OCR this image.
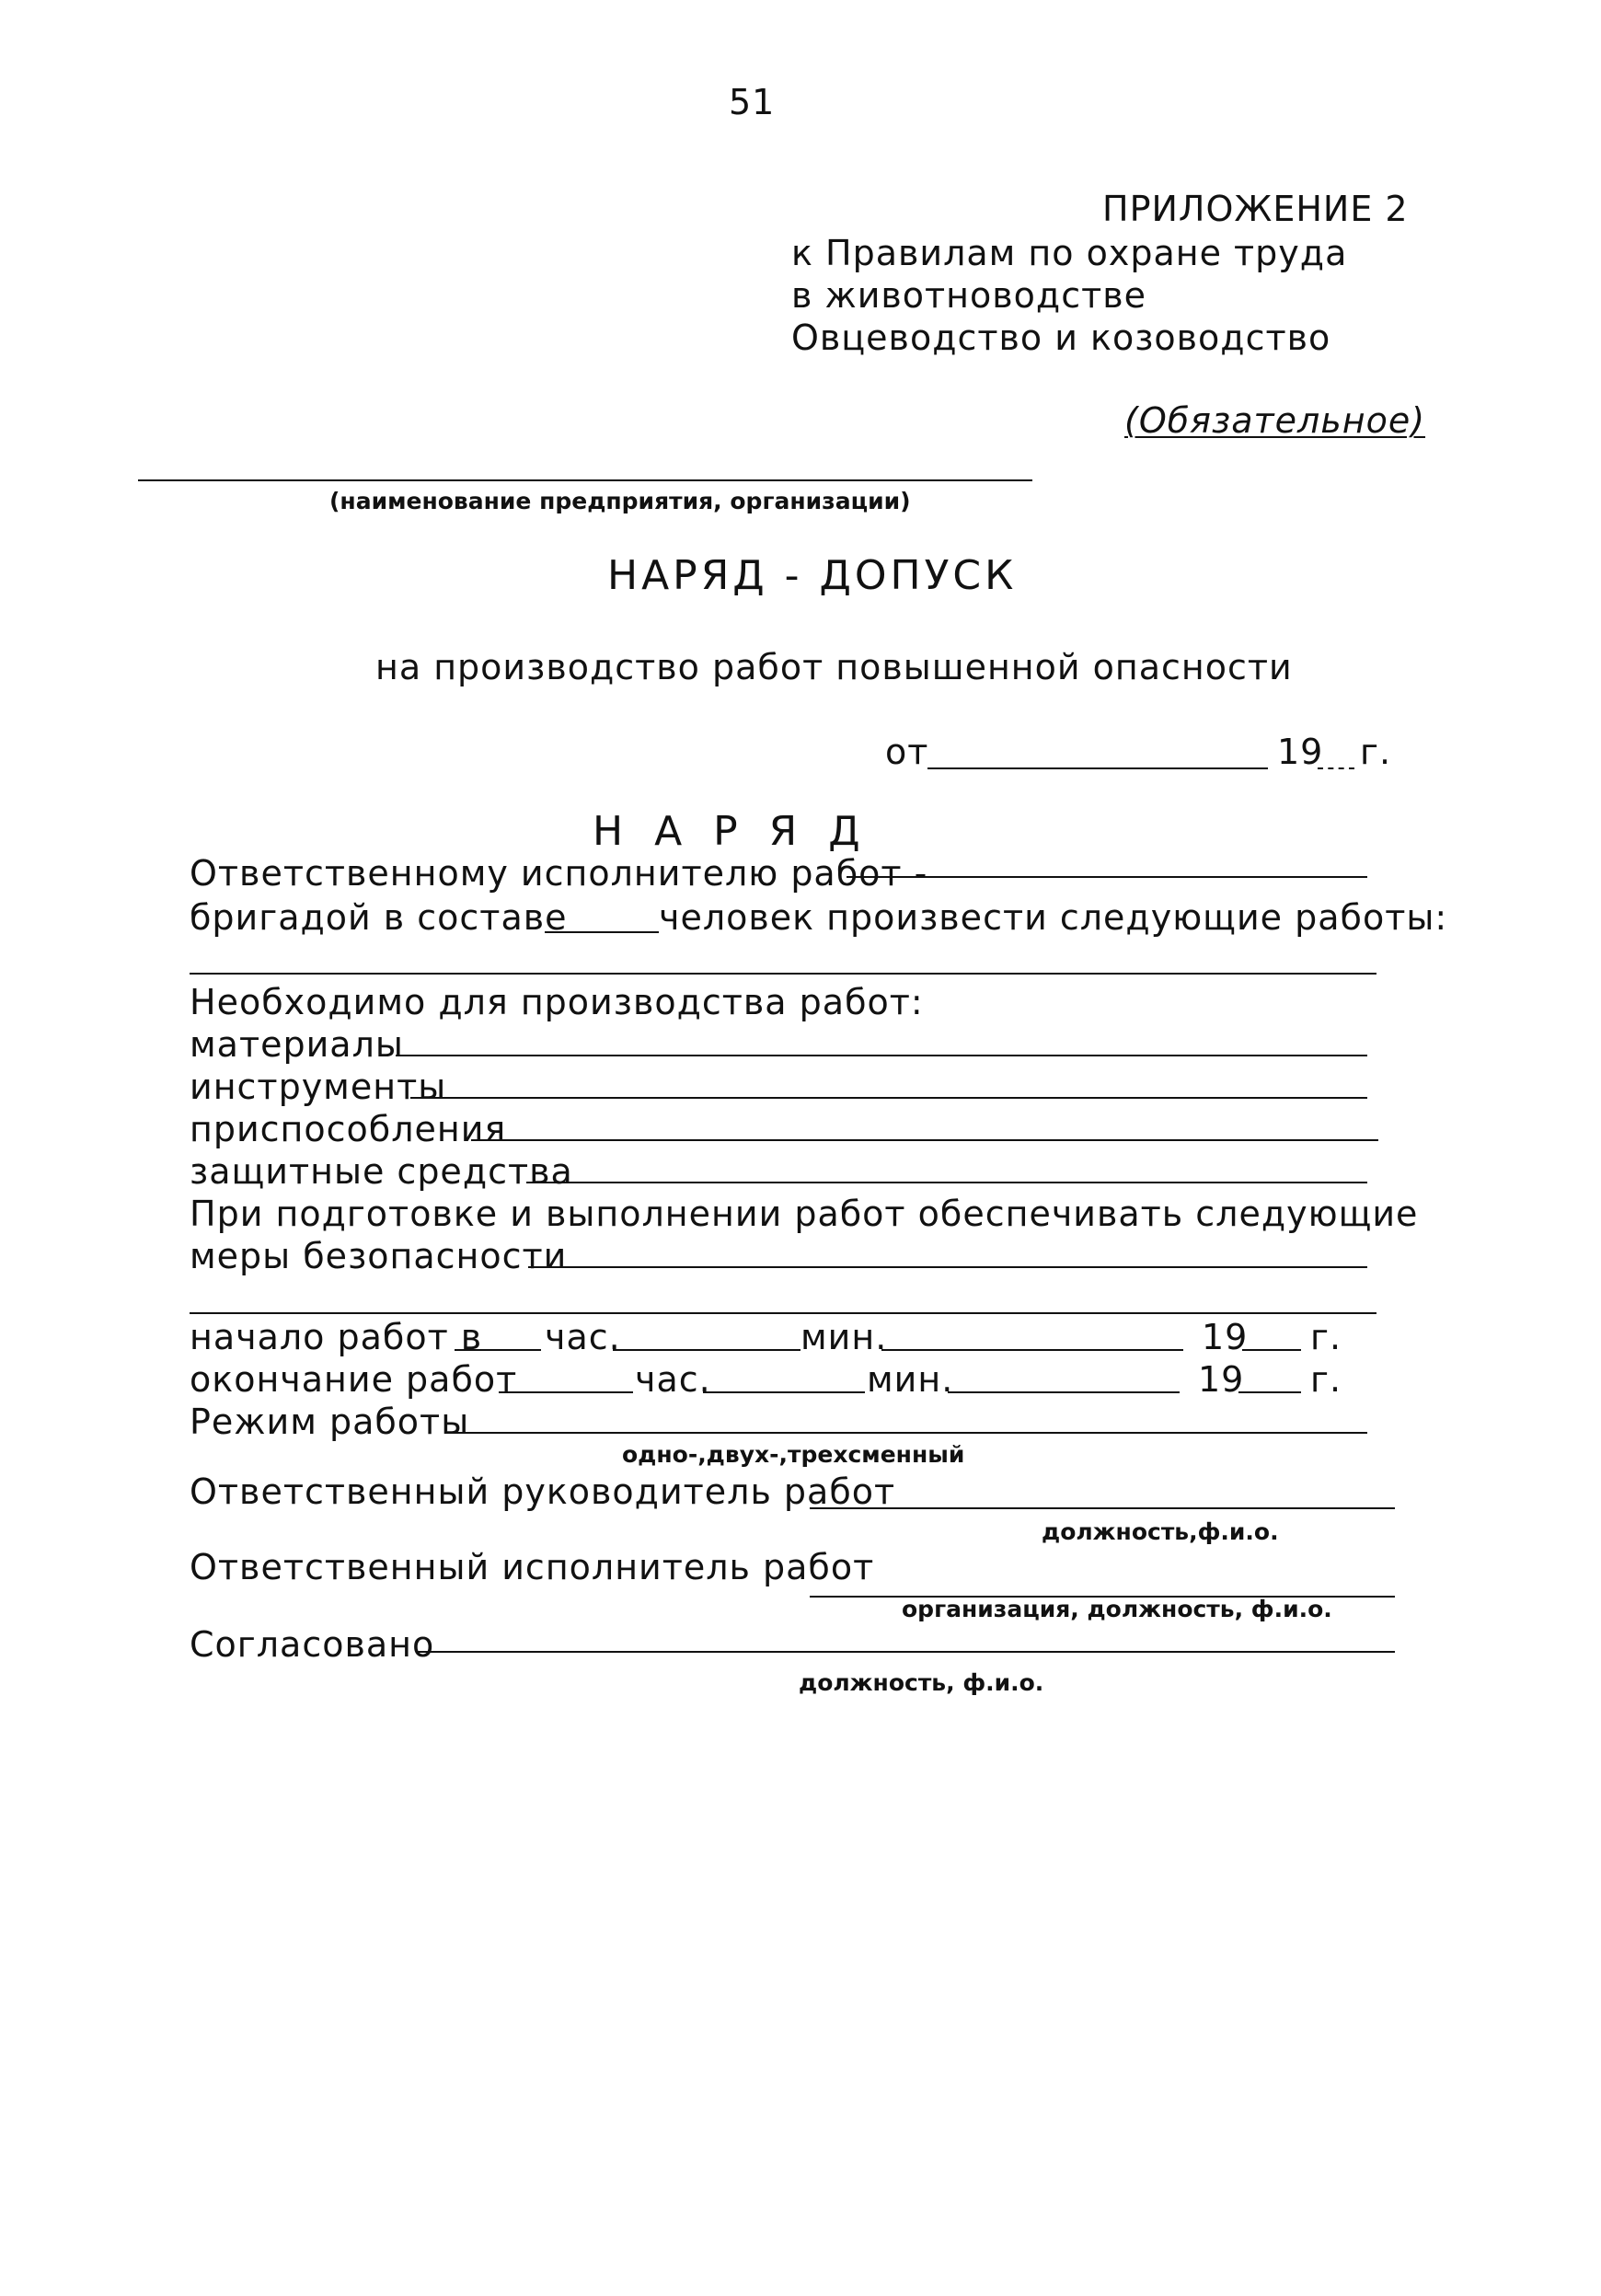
51
ПРИЛОЖЕНИЕ 2
к Правилам по охране труда
в животноводстве
Овцеводство и козоводство
(Обязательное)
(наименование предприятия, организации)
НАРЯД - ДОПУСК
на производство работ повышенной опасности
от	19 г.
Н А Р Я Д
Ответственному исполнителю работ -
бригадой в составе	человек произвести следующие работы:
Необходимо для производства работ:
материалы
инструменты
приспособления
защитные средства
При подготовке и выполнении работ обеспечивать следующие
меры безопасности
начало работ в час.	мин.	19 г.
окончание работ	час.	мин.	19 г.
Режим работы
одно-,двух-,трехсменный
Ответственный руководитель работ
должность,ф.и.о.
Ответственный исполнитель работ
организация, должность, ф.и.о.
Согласовано
должность, ф.и.о.
